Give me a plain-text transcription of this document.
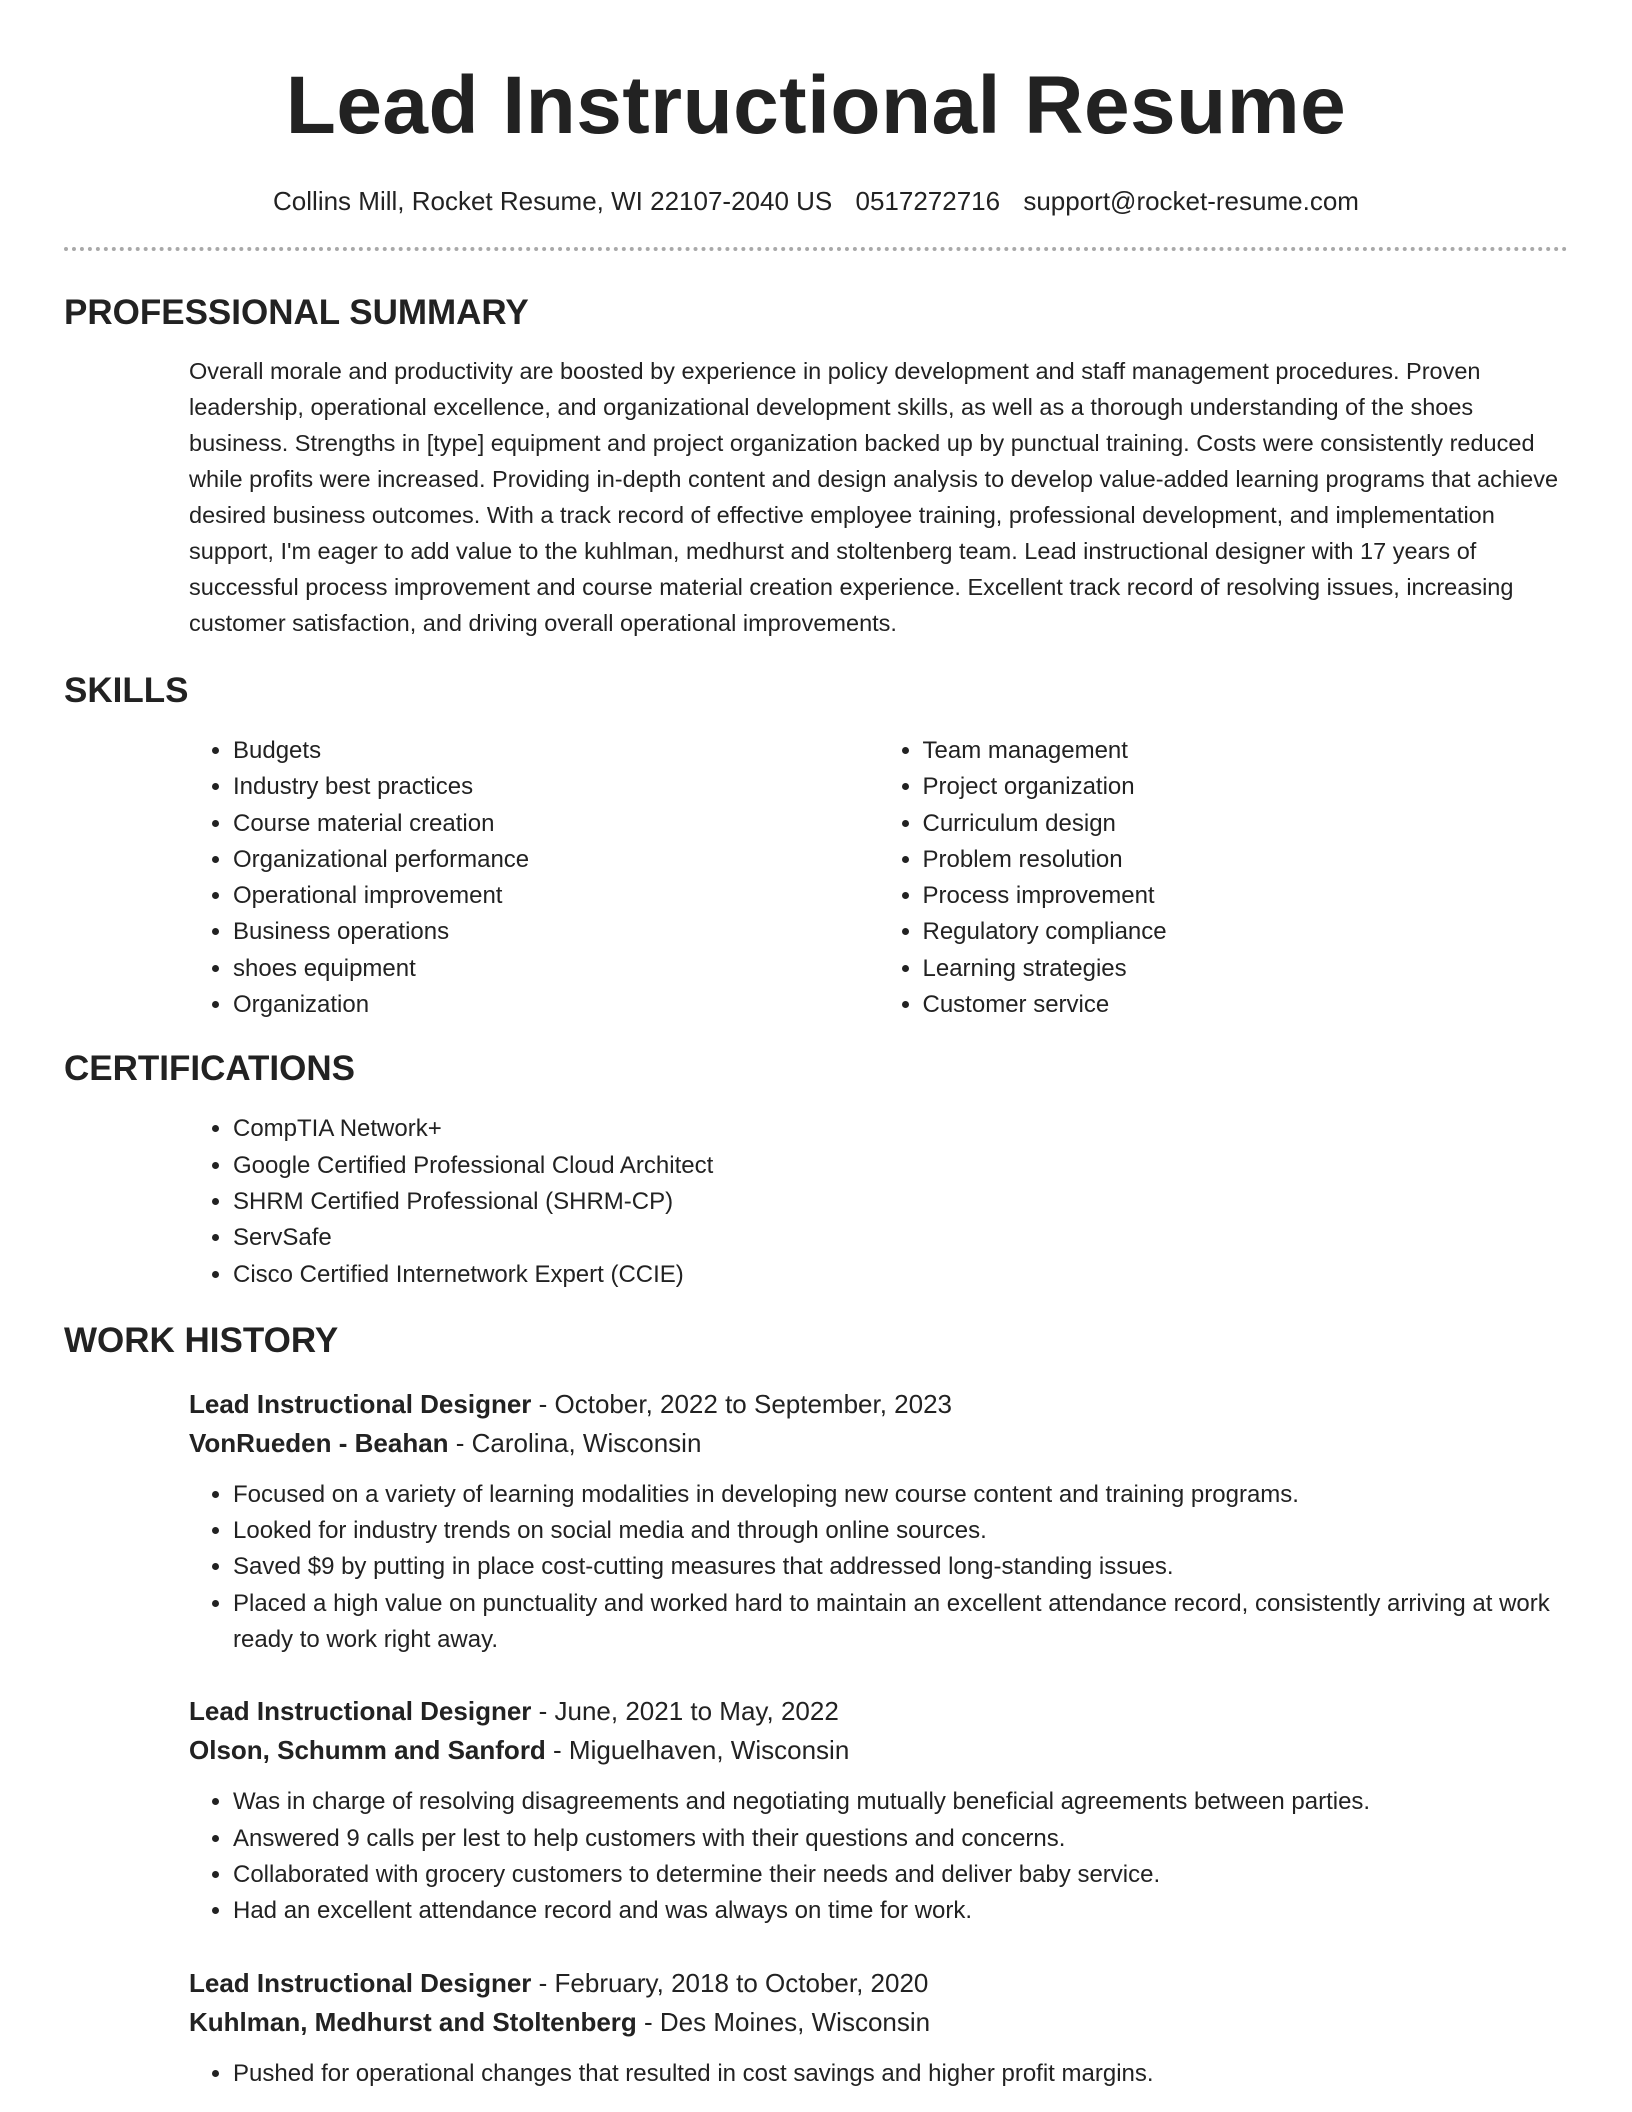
Lead Instructional Resume
Collins Mill, Rocket Resume, WI 22107-2040 US 0517272716 support@rocket-resume.com
PROFESSIONAL SUMMARY
Overall morale and productivity are boosted by experience in policy development and staff management procedures. Proven leadership, operational excellence, and organizational development skills, as well as a thorough understanding of the shoes business. Strengths in [type] equipment and project organization backed up by punctual training. Costs were consistently reduced while profits were increased. Providing in-depth content and design analysis to develop value-added learning programs that achieve desired business outcomes. With a track record of effective employee training, professional development, and implementation support, I'm eager to add value to the kuhlman, medhurst and stoltenberg team. Lead instructional designer with 17 years of successful process improvement and course material creation experience. Excellent track record of resolving issues, increasing customer satisfaction, and driving overall operational improvements.
SKILLS
• Budgets
• Industry best practices
• Course material creation
• Organizational performance
• Operational improvement
• Business operations
• shoes equipment
• Organization
• Team management
• Project organization
• Curriculum design
• Problem resolution
• Process improvement
• Regulatory compliance
• Learning strategies
• Customer service
CERTIFICATIONS
• CompTIA Network+
• Google Certified Professional Cloud Architect
• SHRM Certified Professional (SHRM-CP)
• ServSafe
• Cisco Certified Internetwork Expert (CCIE)
WORK HISTORY
Lead Instructional Designer - October, 2022 to September, 2023
VonRueden - Beahan - Carolina, Wisconsin
• Focused on a variety of learning modalities in developing new course content and training programs.
• Looked for industry trends on social media and through online sources.
• Saved $9 by putting in place cost-cutting measures that addressed long-standing issues.
• Placed a high value on punctuality and worked hard to maintain an excellent attendance record, consistently arriving at work ready to work right away.
Lead Instructional Designer - June, 2021 to May, 2022
Olson, Schumm and Sanford - Miguelhaven, Wisconsin
• Was in charge of resolving disagreements and negotiating mutually beneficial agreements between parties.
• Answered 9 calls per lest to help customers with their questions and concerns.
• Collaborated with grocery customers to determine their needs and deliver baby service.
• Had an excellent attendance record and was always on time for work.
Lead Instructional Designer - February, 2018 to October, 2020
Kuhlman, Medhurst and Stoltenberg - Des Moines, Wisconsin
• Pushed for operational changes that resulted in cost savings and higher profit margins.
